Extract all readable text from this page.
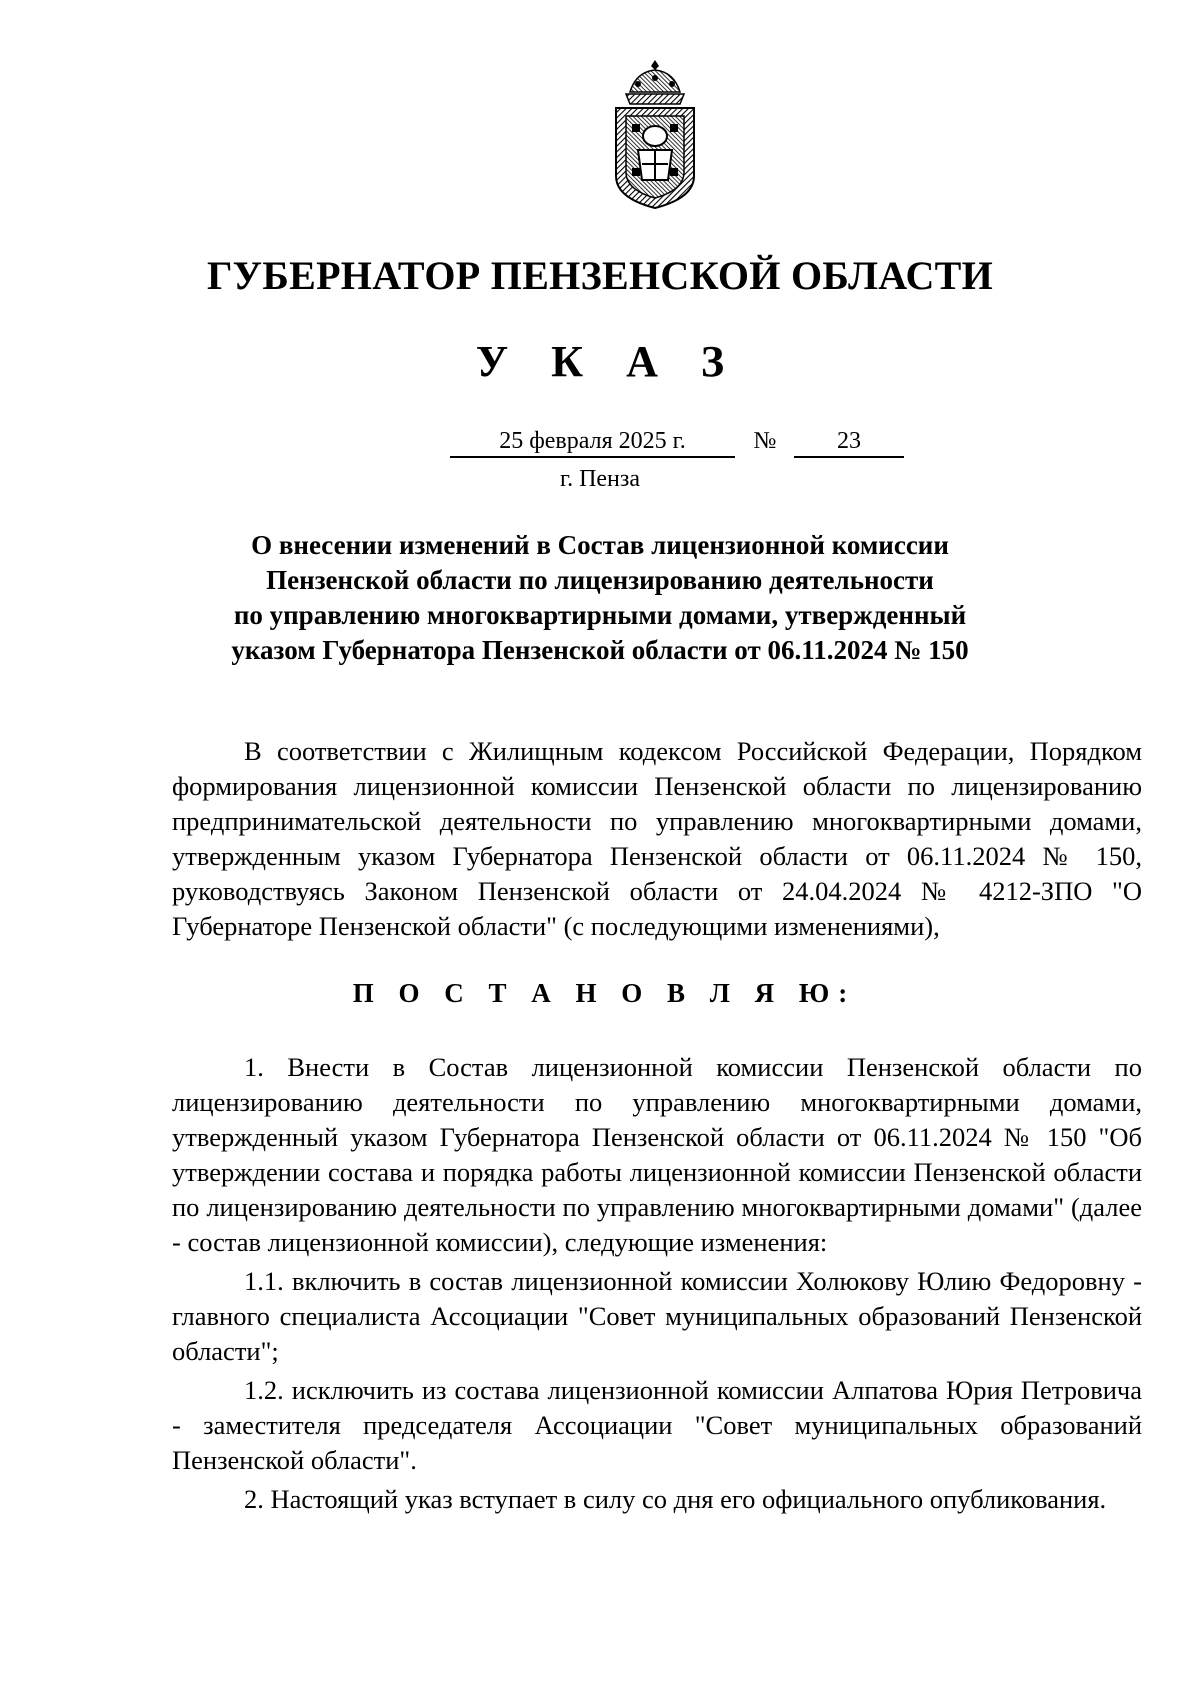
ГУБЕРНАТОР ПЕНЗЕНСКОЙ ОБЛАСТИ
У К А З
25 февраля 2025 г.	№	23
г. Пенза
О внесении изменений в Состав лицензионной комиссии
Пензенской области по лицензированию деятельности
по управлению многоквартирными домами, утвержденный
указом Губернатора Пензенской области от 06.11.2024 № 150

В соответствии с Жилищным кодексом Российской Федерации, Порядком формирования лицензионной комиссии Пензенской области по лицензированию предпринимательской деятельности по управлению многоквартирными домами, утвержденным указом Губернатора Пензенской области от 06.11.2024 № 150, руководствуясь Законом Пензенской области от 24.04.2024 № 4212-ЗПО "О Губернаторе Пензенской области" (с последующими изменениями),

П О С Т А Н О В Л Я Ю:

1. Внести в Состав лицензионной комиссии Пензенской области по лицензированию деятельности по управлению многоквартирными домами, утвержденный указом Губернатора Пензенской области от 06.11.2024 № 150 "Об утверждении состава и порядка работы лицензионной комиссии Пензенской области по лицензированию деятельности по управлению многоквартирными домами" (далее - состав лицензионной комиссии), следующие изменения:

1.1. включить в состав лицензионной комиссии Холюкову Юлию Федоровну - главного специалиста Ассоциации "Совет муниципальных образований Пензенской области";

1.2. исключить из состава лицензионной комиссии Алпатова Юрия Петровича - заместителя председателя Ассоциации "Совет муниципальных образований Пензенской области".

2. Настоящий указ вступает в силу со дня его официального опубликования.
